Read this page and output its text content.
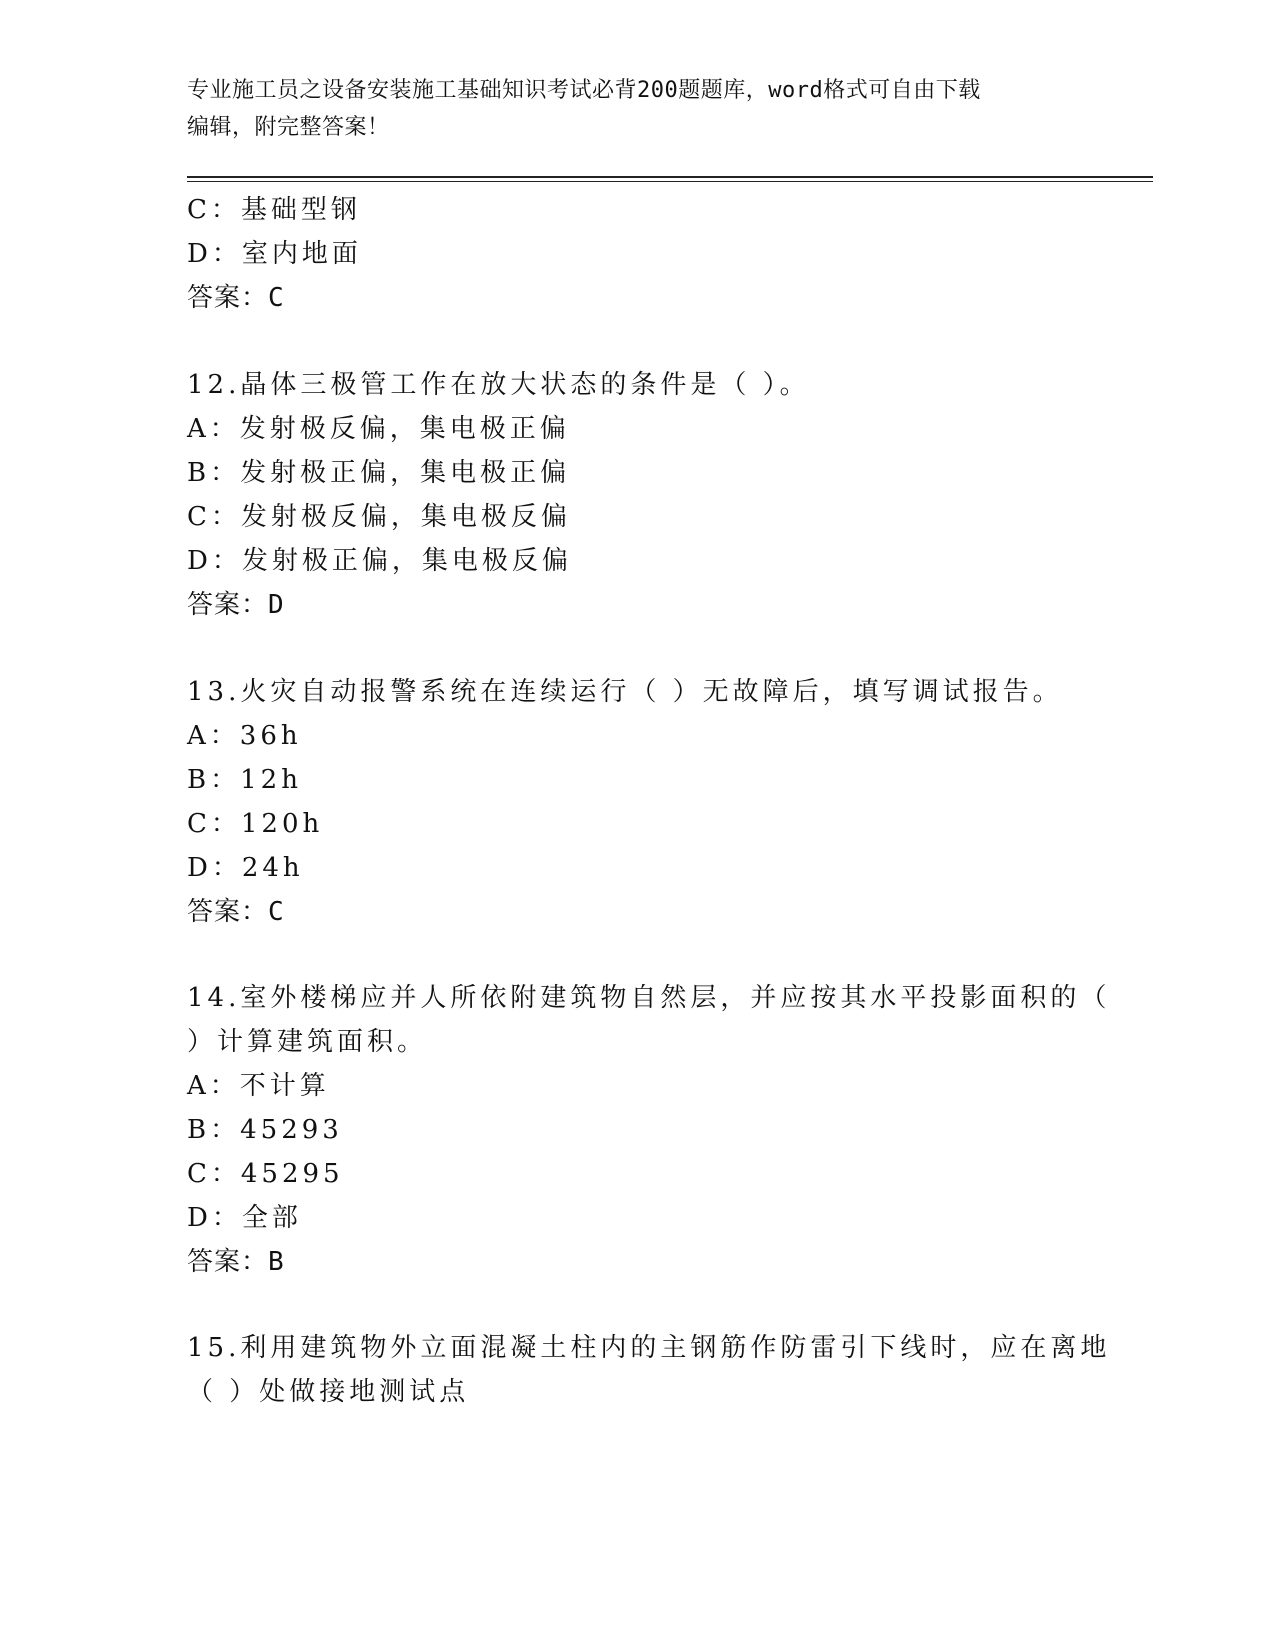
专业施工员之设备安装施工基础知识考试必背200题题库，word格式可自由下载
编辑，附完整答案！
C：基础型钢
D：室内地面
答案：C
12.晶体三极管工作在放大状态的条件是（ ）。
A：发射极反偏，集电极正偏
B：发射极正偏，集电极正偏
C：发射极反偏，集电极反偏
D：发射极正偏，集电极反偏
答案：D
13.火灾自动报警系统在连续运行（ ）无故障后，填写调试报告。
A：36h
B：12h
C：120h
D：24h
答案：C
14.室外楼梯应并人所依附建筑物自然层，并应按其水平投影面积的（
）计算建筑面积。
A：不计算
B：45293
C：45295
D：全部
答案：B
15.利用建筑物外立面混凝土柱内的主钢筋作防雷引下线时，应在离地
（ ）处做接地测试点
